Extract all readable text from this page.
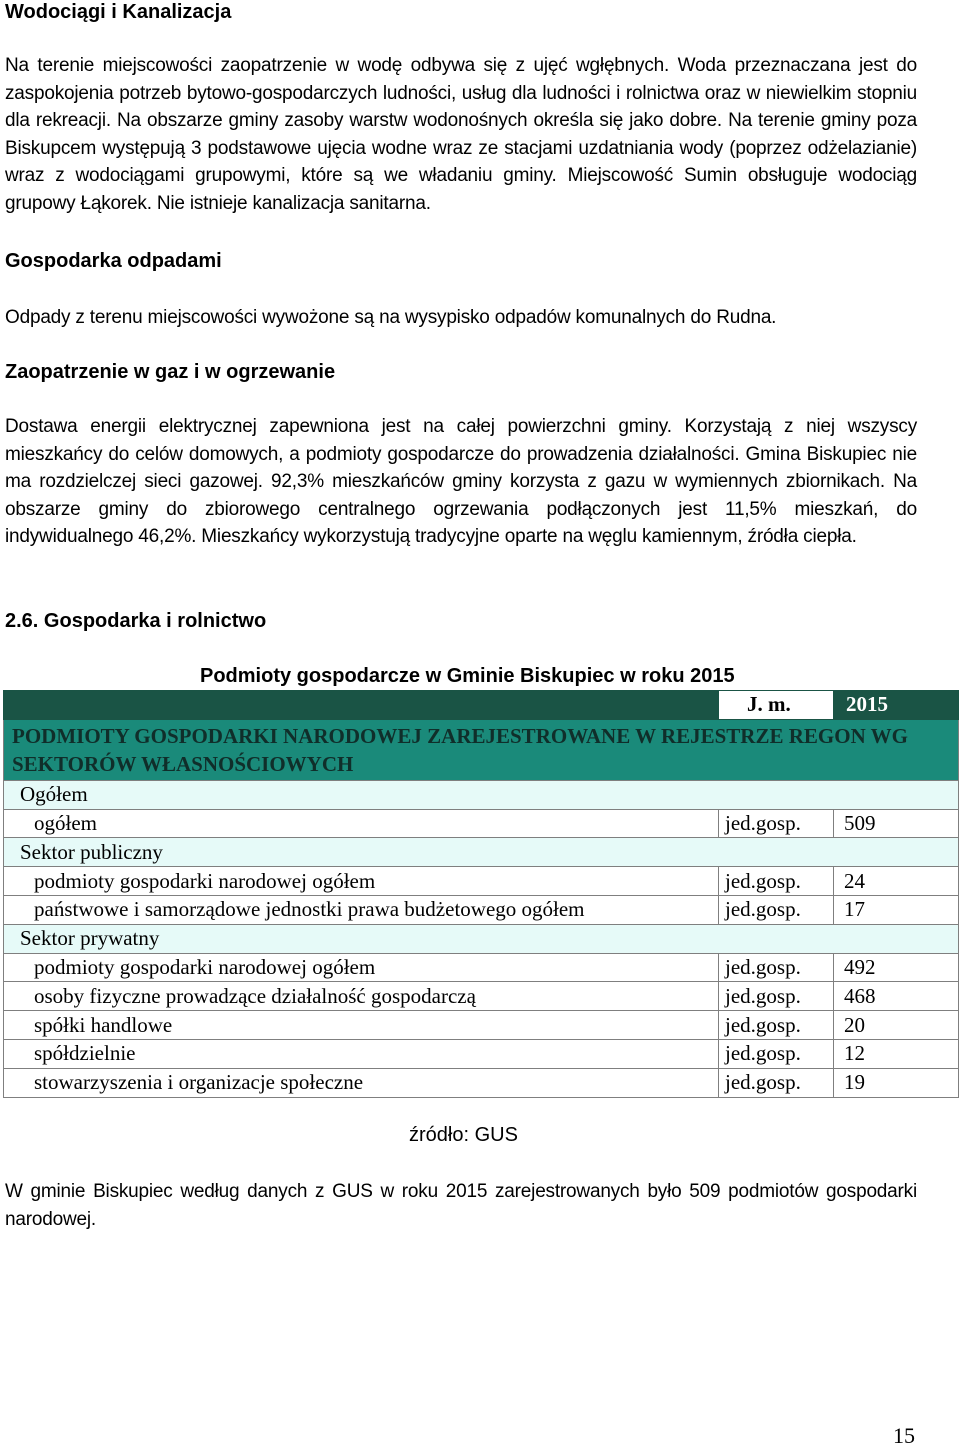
Wodociągi i Kanalizacja

Na terenie miejscowości zaopatrzenie w wodę odbywa się z ujęć wgłębnych. Woda przeznaczana jest do zaspokojenia potrzeb bytowo-gospodarczych ludności, usług dla ludności i rolnictwa oraz w niewielkim stopniu dla rekreacji. Na obszarze gminy zasoby warstw wodonośnych określa się jako dobre. Na terenie gminy poza Biskupcem występują 3 podstawowe ujęcia wodne wraz ze stacjami uzdatniania wody (poprzez odżelazianie) wraz z wodociągami grupowymi, które są we władaniu gminy. Miejscowość Sumin obsługuje wodociąg grupowy Łąkorek. Nie istnieje kanalizacja sanitarna.

Gospodarka odpadami

Odpady z terenu miejscowości wywożone są na wysypisko odpadów komunalnych do Rudna.

Zaopatrzenie w gaz i w ogrzewanie

Dostawa energii elektrycznej zapewniona jest na całej powierzchni gminy. Korzystają z niej wszyscy mieszkańcy do celów domowych, a podmioty gospodarcze do prowadzenia działalności. Gmina Biskupiec nie ma rozdzielczej sieci gazowej. 92,3% mieszkańców gminy korzysta z gazu w wymiennych zbiornikach. Na obszarze gminy do zbiorowego centralnego ogrzewania podłączonych jest 11,5% mieszkań, do indywidualnego 46,2%. Mieszkańcy wykorzystują tradycyjne oparte na węglu kamiennym, źródła ciepła.

2.6. Gospodarka i rolnictwo
Podmioty gospodarcze w Gminie Biskupiec w roku 2015
	J. m.	2015
PODMIOTY GOSPODARKI NARODOWEJ ZAREJESTROWANE W REJESTRZE REGON WG SEKTORÓW WŁASNOŚCIOWYCH		
Ogółem		
ogółem	jed.gosp.	509
Sektor publiczny		
podmioty gospodarki narodowej ogółem	jed.gosp.	24
państwowe i samorządowe jednostki prawa budżetowego ogółem	jed.gosp.	17
Sektor prywatny		
podmioty gospodarki narodowej ogółem	jed.gosp.	492
osoby fizyczne prowadzące działalność gospodarczą	jed.gosp.	468
spółki handlowe	jed.gosp.	20
spółdzielnie	jed.gosp.	12
stowarzyszenia i organizacje społeczne	jed.gosp.	19
źródło: GUS

W gminie Biskupiec według danych z GUS w roku 2015 zarejestrowanych było 509 podmiotów gospodarki narodowej.

15
